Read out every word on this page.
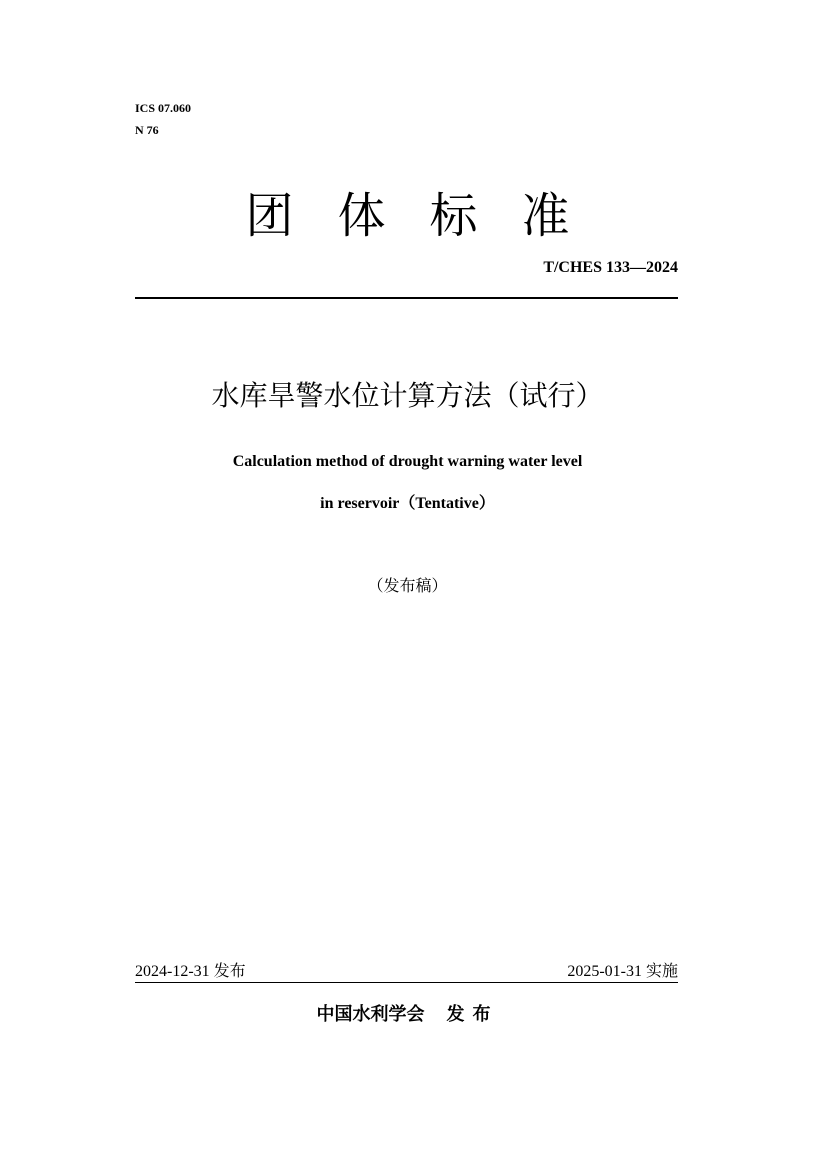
ICS 07.060
N 76
团体标准
T/CHES 133—2024
水库旱警水位计算方法（试行）
Calculation method of drought warning water level
in reservoir（Tentative）
（发布稿）
2024-12-31 发布	2025-01-31 实施
中国水利学会 发布
